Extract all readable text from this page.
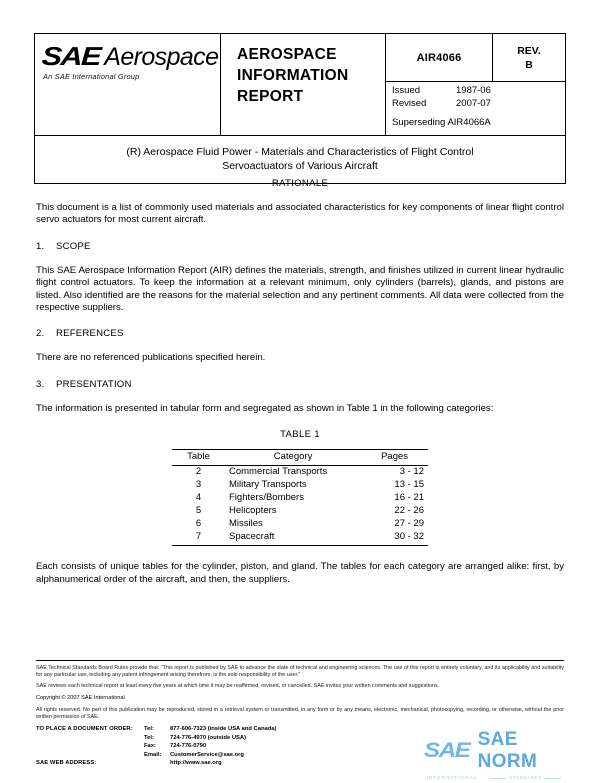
SAE Aerospace
An SAE International Group
AEROSPACE
INFORMATION
REPORT
AIR4066
REV.
B
Issued	1987-06
Revised	2007-07
Superseding AIR4066A
(R) Aerospace Fluid Power - Materials and Characteristics of Flight Control
Servoactuators of Various Aircraft
RATIONALE

This document is a list of commonly used materials and associated characteristics for key components of linear flight control servo actuators for most current aircraft.

1. SCOPE

This SAE Aerospace Information Report (AIR) defines the materials, strength, and finishes utilized in current linear hydraulic flight control actuators. To keep the information at a relevant minimum, only cylinders (barrels), glands, and pistons are listed. Also identified are the reasons for the material selection and any pertinent comments. All data were collected from the respective suppliers.

2. REFERENCES

There are no referenced publications specified herein.

3. PRESENTATION

The information is presented in tabular form and segregated as shown in Table 1 in the following categories:

TABLE 1
Table	Category	Pages
2	Commercial Transports	3 - 12
3	Military Transports	13 - 15
4	Fighters/Bombers	16 - 21
5	Helicopters	22 - 26
6	Missiles	27 - 29
7	Spacecraft	30 - 32

Each consists of unique tables for the cylinder, piston, and gland. The tables for each category are arranged alike: first, by alphanumerical order of the aircraft, and then, the suppliers.

SAE Technical Standards Board Rules provide that: “This report is published by SAE to advance the state of technical and engineering sciences. The use of this report is entirely voluntary, and its applicability and suitability for any particular use, including any patent infringement arising therefrom, is the sole responsibility of the user.”

SAE reviews each technical report at least every five years at which time it may be reaffirmed, revised, or cancelled. SAE invites your written comments and suggestions.

Copyright © 2007 SAE International

All rights reserved. No part of this publication may be reproduced, stored in a retrieval system or transmitted, in any form or by any means, electronic, mechanical, photocopying, recording, or otherwise, without the prior written permission of SAE.

TO PLACE A DOCUMENT ORDER:	Tel:	877-606-7323 (inside USA and Canada)
Tel:	724-776-4970 (outside USA)
Fax:	724-776-0790
Email:	CustomerService@sae.org
SAE WEB ADDRESS:	http://www.sae.org
SAE SAE NORM
INTERNATIONAL	STANDARDS
